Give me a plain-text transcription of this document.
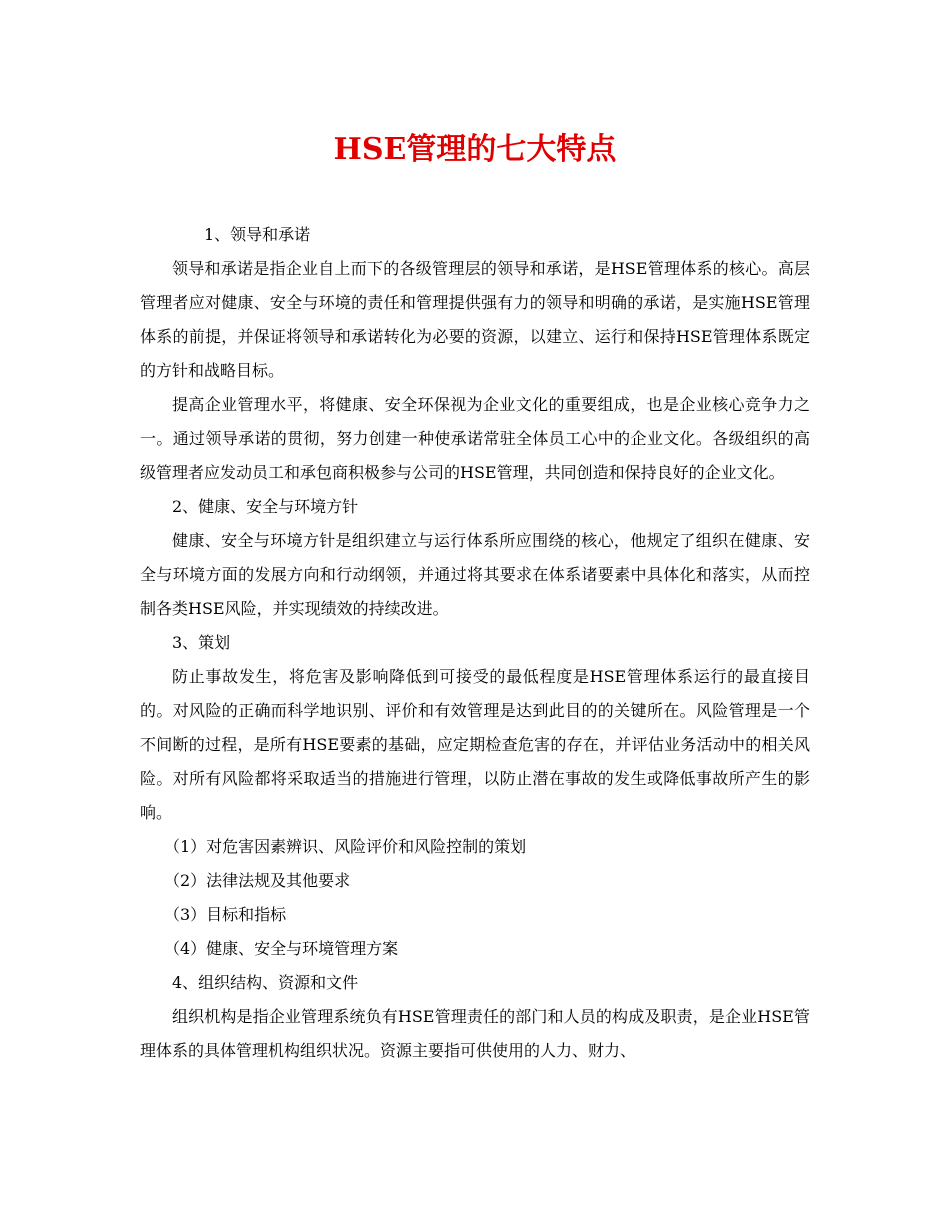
HSE管理的七大特点

1、领导和承诺

领导和承诺是指企业自上而下的各级管理层的领导和承诺，是HSE管理体系的核心。高层管理者应对健康、安全与环境的责任和管理提供强有力的领导和明确的承诺，是实施HSE管理体系的前提，并保证将领导和承诺转化为必要的资源，以建立、运行和保持HSE管理体系既定的方针和战略目标。

提高企业管理水平，将健康、安全环保视为企业文化的重要组成，也是企业核心竞争力之一。通过领导承诺的贯彻，努力创建一种使承诺常驻全体员工心中的企业文化。各级组织的高级管理者应发动员工和承包商积极参与公司的HSE管理，共同创造和保持良好的企业文化。

2、健康、安全与环境方针

健康、安全与环境方针是组织建立与运行体系所应围绕的核心，他规定了组织在健康、安全与环境方面的发展方向和行动纲领，并通过将其要求在体系诸要素中具体化和落实，从而控制各类HSE风险，并实现绩效的持续改进。

3、策划

防止事故发生，将危害及影响降低到可接受的最低程度是HSE管理体系运行的最直接目的。对风险的正确而科学地识别、评价和有效管理是达到此目的的关键所在。风险管理是一个不间断的过程，是所有HSE要素的基础，应定期检查危害的存在，并评估业务活动中的相关风险。对所有风险都将采取适当的措施进行管理，以防止潜在事故的发生或降低事故所产生的影响。

（1）对危害因素辨识、风险评价和风险控制的策划

（2）法律法规及其他要求

（3）目标和指标

（4）健康、安全与环境管理方案

4、组织结构、资源和文件

组织机构是指企业管理系统负有HSE管理责任的部门和人员的构成及职责，是企业HSE管理体系的具体管理机构组织状况。资源主要指可供使用的人力、财力、
